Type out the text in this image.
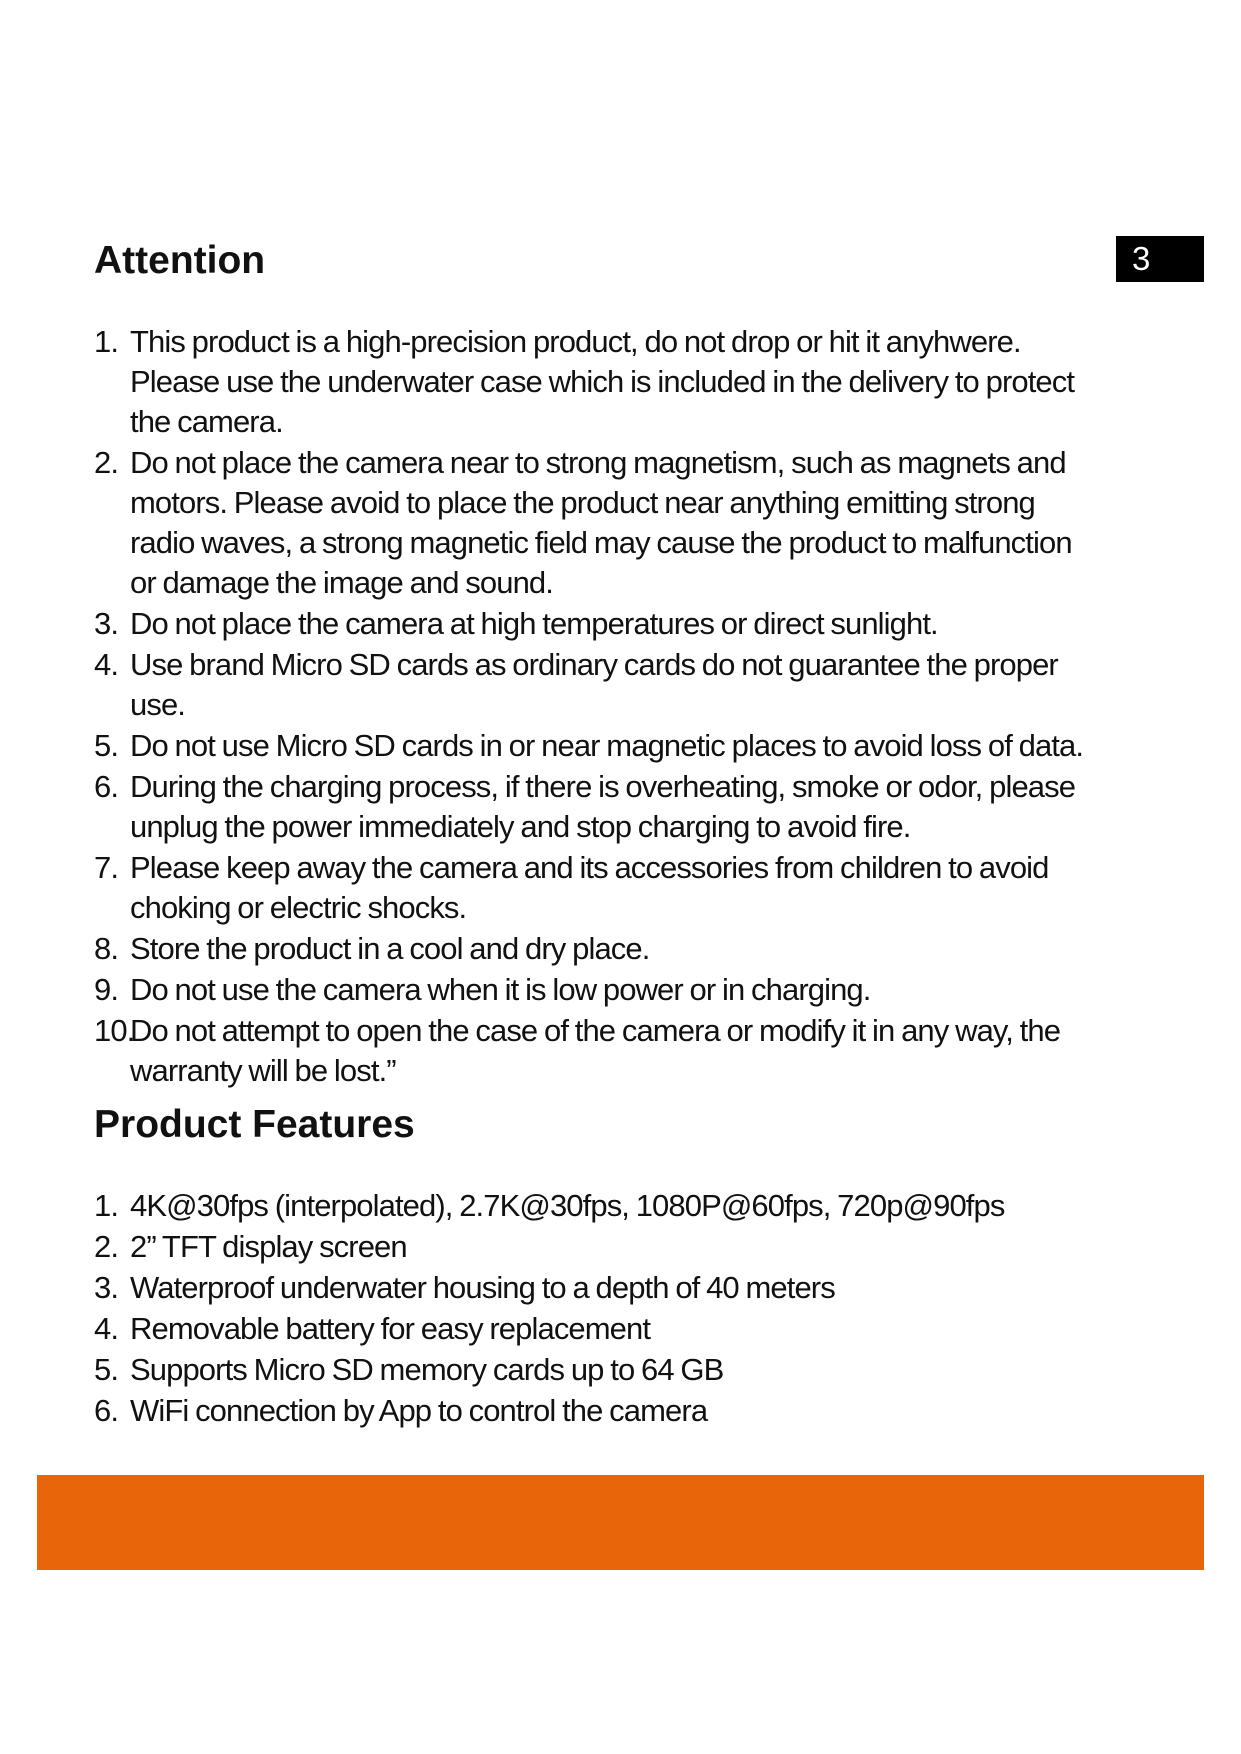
3
Attention
1. This product is a high-precision product, do not drop or hit it anyhwere. Please use the underwater case which is included in the delivery to protect the camera.
2. Do not place the camera near to strong magnetism, such as magnets and motors. Please avoid to place the product near anything emitting strong radio waves, a strong magnetic field may cause the product to malfunction or damage the image and sound.
3. Do not place the camera at high temperatures or direct sunlight.
4. Use brand Micro SD cards as ordinary cards do not guarantee the proper use.
5. Do not use Micro SD cards in or near magnetic places to avoid loss of data.
6. During the charging process, if there is overheating, smoke or odor, please unplug the power immediately and stop charging to avoid fire.
7. Please keep away the camera and its accessories from children to avoid choking or electric shocks.
8. Store the product in a cool and dry place.
9. Do not use the camera when it is low power or in charging.
10.
Do not attempt to open the case of the camera or modify it in any way, the warranty will be lost.”
Product Features
1. 4K@30fps (interpolated), 2.7K@30fps, 1080P@60fps, 720p@90fps
2. 2” TFT display screen
3. Waterproof underwater housing to a depth of 40 meters
4. Removable battery for easy replacement
5. Supports Micro SD memory cards up to 64 GB
6. WiFi connection by App to control the camera
